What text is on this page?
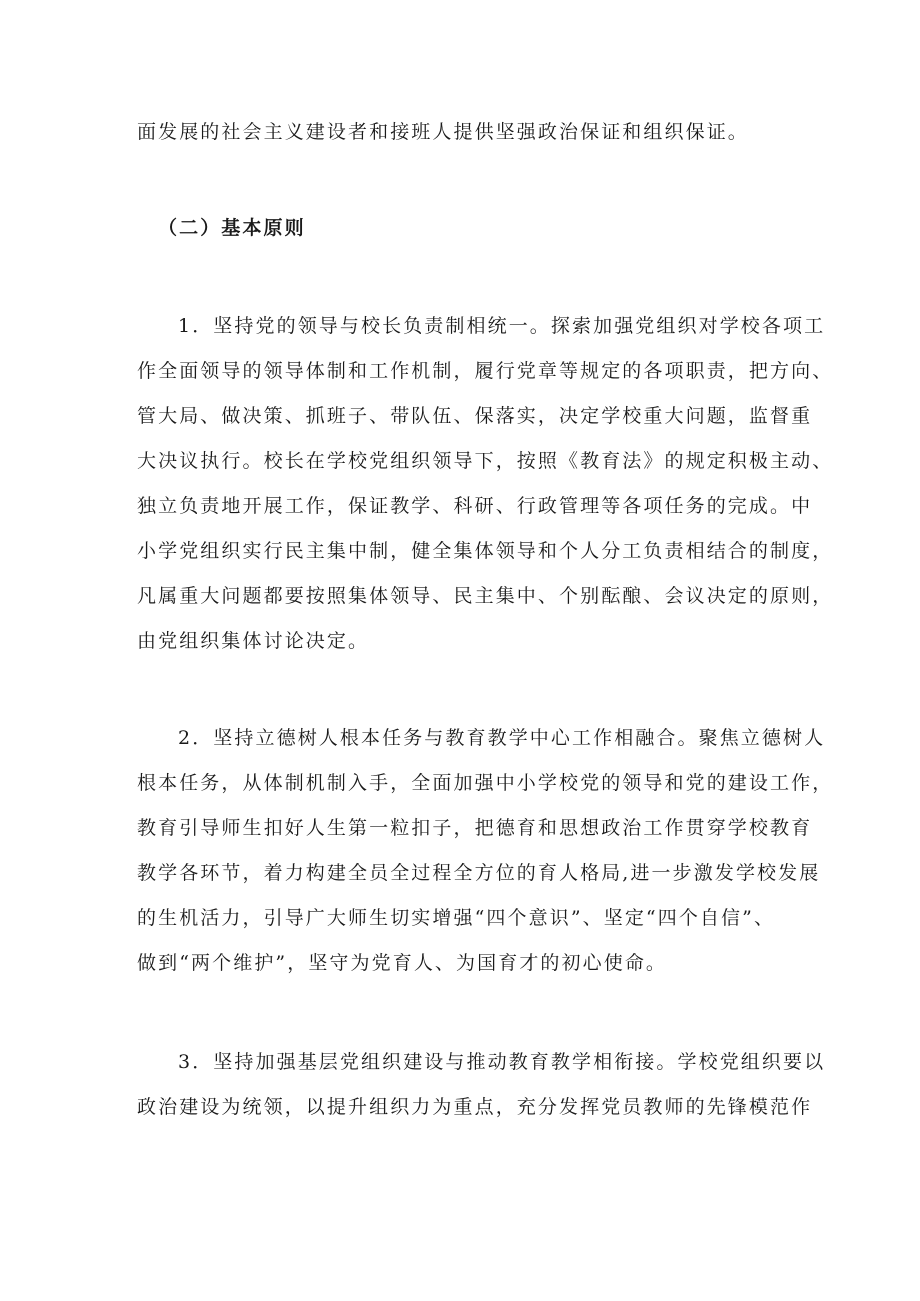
面发展的社会主义建设者和接班人提供坚强政治保证和组织保证。
（二）基本原则
1．坚持党的领导与校长负责制相统一。探索加强党组织对学校各项工
作全面领导的领导体制和工作机制，履行党章等规定的各项职责，把方向、
管大局、做决策、抓班子、带队伍、保落实，决定学校重大问题，监督重
大决议执行。校长在学校党组织领导下，按照《教育法》的规定积极主动、
独立负责地开展工作，保证教学、科研、行政管理等各项任务的完成。中
小学党组织实行民主集中制，健全集体领导和个人分工负责相结合的制度，
凡属重大问题都要按照集体领导、民主集中、个别酝酿、会议决定的原则，
由党组织集体讨论决定。
2．坚持立德树人根本任务与教育教学中心工作相融合。聚焦立德树人
根本任务，从体制机制入手，全面加强中小学校党的领导和党的建设工作，
教育引导师生扣好人生第一粒扣子，把德育和思想政治工作贯穿学校教育
教学各环节，着力构建全员全过程全方位的育人格局,进一步激发学校发展
的生机活力，引导广大师生切实增强“四个意识”、坚定“四个自信”、
做到“两个维护”，坚守为党育人、为国育才的初心使命。
3．坚持加强基层党组织建设与推动教育教学相衔接。学校党组织要以
政治建设为统领，以提升组织力为重点，充分发挥党员教师的先锋模范作
